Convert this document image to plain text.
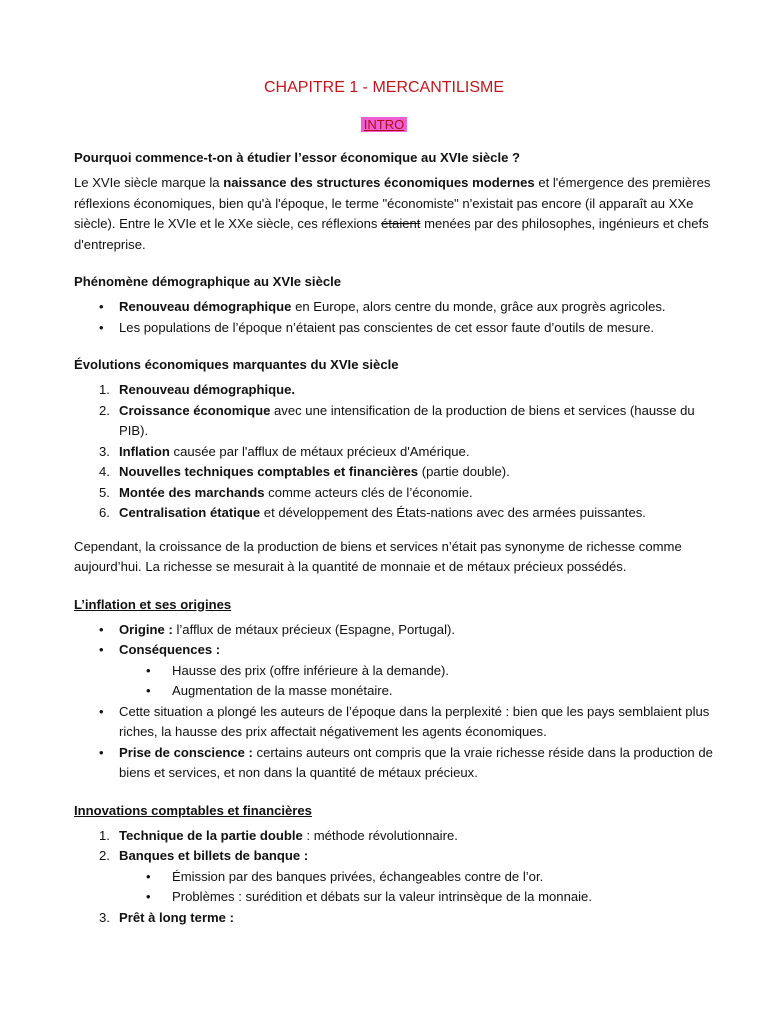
CHAPITRE 1 - MERCANTILISME
INTRO
Pourquoi commence-t-on à étudier l’essor économique au XVIe siècle ?
Le XVIe siècle marque la naissance des structures économiques modernes et l'émergence des premières réflexions économiques, bien qu'à l'époque, le terme "économiste" n'existait pas encore (il apparaît au XXe siècle). Entre le XVIe et le XXe siècle, ces réflexions étaient menées par des philosophes, ingénieurs et chefs d'entreprise.
Phénomène démographique au XVIe siècle
• Renouveau démographique en Europe, alors centre du monde, grâce aux progrès agricoles.
• Les populations de l’époque n’étaient pas conscientes de cet essor faute d’outils de mesure.
Évolutions économiques marquantes du XVIe siècle
1. Renouveau démographique.
2. Croissance économique avec une intensification de la production de biens et services (hausse du PIB).
3. Inflation causée par l'afflux de métaux précieux d'Amérique.
4. Nouvelles techniques comptables et financières (partie double).
5. Montée des marchands comme acteurs clés de l’économie.
6. Centralisation étatique et développement des États-nations avec des armées puissantes.
Cependant, la croissance de la production de biens et services n’était pas synonyme de richesse comme aujourd’hui. La richesse se mesurait à la quantité de monnaie et de métaux précieux possédés.
L’inflation et ses origines
• Origine : l’afflux de métaux précieux (Espagne, Portugal).
• Conséquences :
• Hausse des prix (offre inférieure à la demande).
• Augmentation de la masse monétaire.
• Cette situation a plongé les auteurs de l’époque dans la perplexité : bien que les pays semblaient plus riches, la hausse des prix affectait négativement les agents économiques.
• Prise de conscience : certains auteurs ont compris que la vraie richesse réside dans la production de biens et services, et non dans la quantité de métaux précieux.
Innovations comptables et financières
1. Technique de la partie double : méthode révolutionnaire.
2. Banques et billets de banque :
• Émission par des banques privées, échangeables contre de l’or.
• Problèmes : surédition et débats sur la valeur intrinsèque de la monnaie.
3. Prêt à long terme :
